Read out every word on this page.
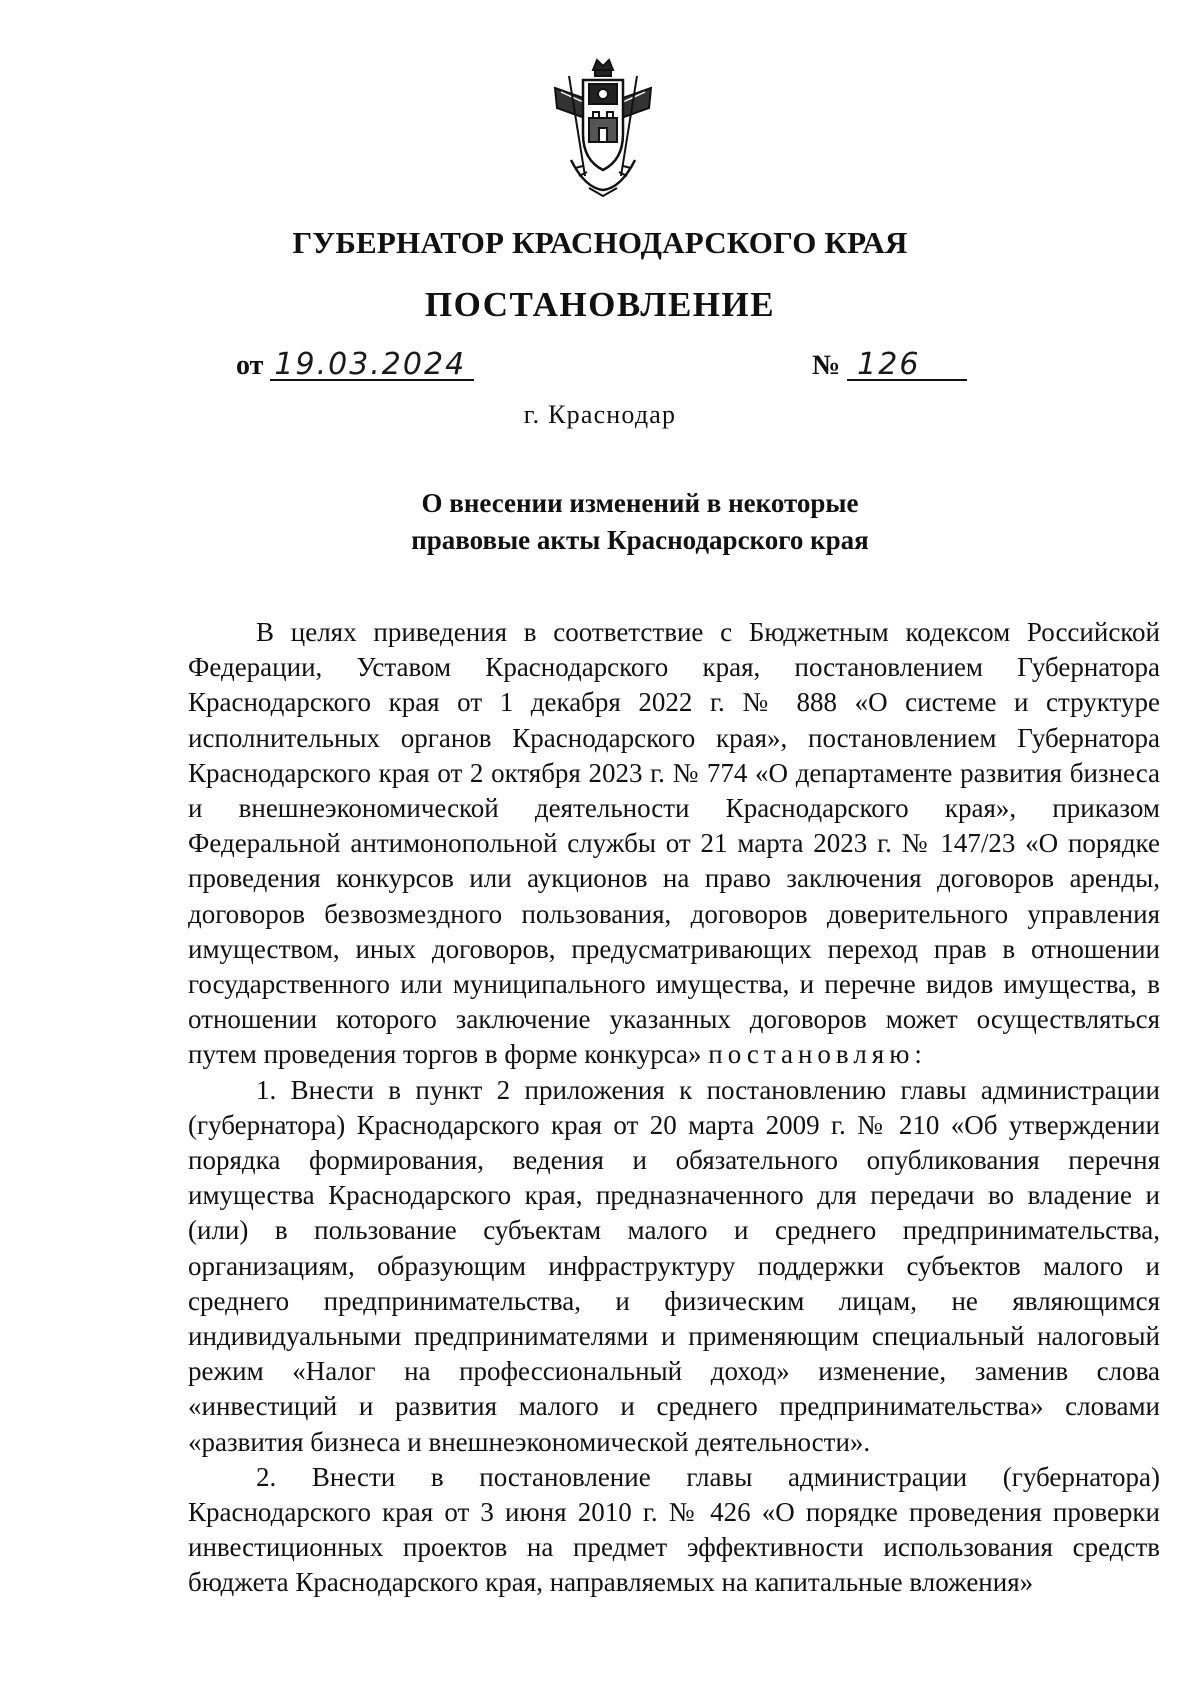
ГУБЕРНАТОР КРАСНОДАРСКОГО КРАЯ
ПОСТАНОВЛЕНИЕ
от 19.03.2024	№ 126
г. Краснодар
О внесении изменений в некоторые
правовые акты Краснодарского края

В целях приведения в соответствие с Бюджетным кодексом Российской Федерации, Уставом Краснодарского края, постановлением Губернатора Краснодарского края от 1 декабря 2022 г. № 888 «О системе и структуре исполнительных органов Краснодарского края», постановлением Губернатора Краснодарского края от 2 октября 2023 г. № 774 «О департаменте развития бизнеса и внешнеэкономической деятельности Краснодарского края», приказом Федеральной антимонопольной службы от 21 марта 2023 г. № 147/23 «О порядке проведения конкурсов или аукционов на право заключения договоров аренды, договоров безвозмездного пользования, договоров доверительного управления имуществом, иных договоров, предусматривающих переход прав в отношении государственного или муниципального имущества, и перечне видов имущества, в отношении которого заключение указанных договоров может осуществляться путем проведения торгов в форме конкурса» постановляю:

1. Внести в пункт 2 приложения к постановлению главы администрации (губернатора) Краснодарского края от 20 марта 2009 г. № 210 «Об утверждении порядка формирования, ведения и обязательного опубликования перечня имущества Краснодарского края, предназначенного для передачи во владение и (или) в пользование субъектам малого и среднего предпринимательства, организациям, образующим инфраструктуру поддержки субъектов малого и среднего предпринимательства, и физическим лицам, не являющимся индивидуальными предпринимателями и применяющим специальный налоговый режим «Налог на профессиональный доход» изменение, заменив слова «инвестиций и развития малого и среднего предпринимательства» словами «развития бизнеса и внешнеэкономической деятельности».

2. Внести в постановление главы администрации (губернатора) Краснодарского края от 3 июня 2010 г. № 426 «О порядке проведения проверки инвестиционных проектов на предмет эффективности использования средств бюджета Краснодарского края, направляемых на капитальные вложения»
